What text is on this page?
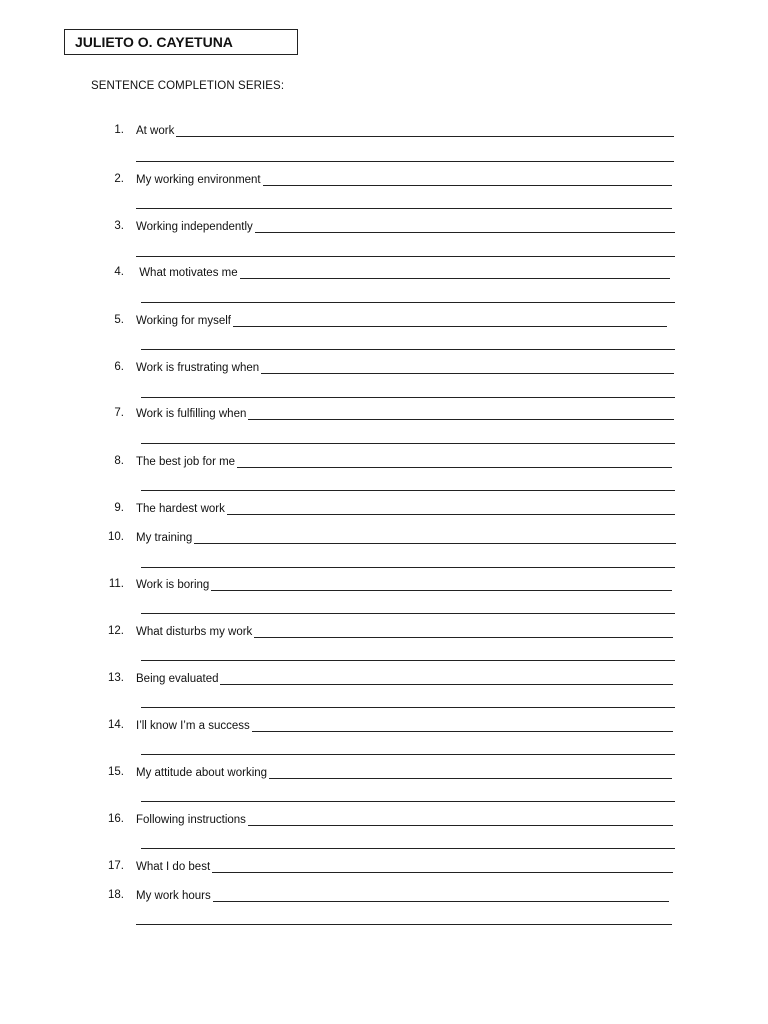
JULIETO O. CAYETUNA
SENTENCE COMPLETION SERIES:
1. At work
2. My working environment
3. Working independently
4. What motivates me
5. Working for myself
6. Work is frustrating when
7. Work is fulfilling when
8. The best job for me
9. The hardest work
10. My training
11. Work is boring
12. What disturbs my work
13. Being evaluated
14. I’ll know I’m a success
15. My attitude about working
16. Following instructions
17. What I do best
18. My work hours
